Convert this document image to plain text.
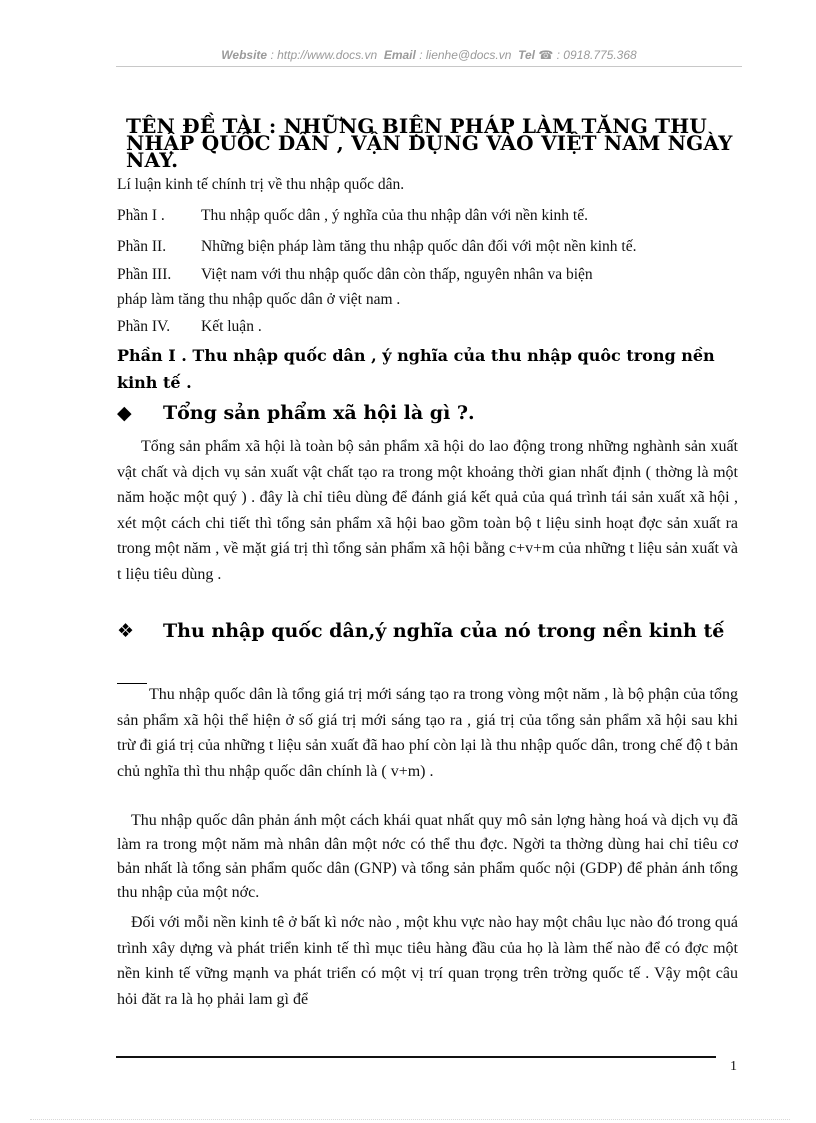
Website : http://www.docs.vn Email : lienhe@docs.vn Tel ☎ : 0918.775.368
TÊN ĐỀ TÀI : NHỮNG BIỆN PHÁP LÀM TĂNG THU NHẬP QUỐC DÂN , VẬN DỤNG VÀO VIỆT NAM NGÀY NAY.
Lí luận kinh tế chính trị về thu nhập quốc dân.
Phần I . Thu nhập quốc dân , ý nghĩa của thu nhập dân với nền kinh tế.
Phần II. Những biện pháp làm tăng thu nhập quốc dân đối với một nền kinh tế.
Phần III. Việt nam với thu nhập quốc dân còn thấp, nguyên nhân va biện
pháp làm tăng thu nhập quốc dân ở việt nam .
Phần IV. Kết luận .
Phần I . Thu nhập quốc dân , ý nghĩa của thu nhập quôc trong nền kinh tế .
◆ Tổng sản phẩm xã hội là gì ?.
Tổng sản phẩm xã hội là toàn bộ sản phẩm xã hội do lao động trong những nghành sản xuất vật chất và dịch vụ sản xuất vật chất tạo ra trong một khoảng thời gian nhất định ( thờng là một năm hoặc một quý ) . đây là chỉ tiêu dùng để đánh giá kết quả của quá trình tái sản xuất xã hội , xét một cách chi tiết thì tổng sản phẩm xã hội bao gồm toàn bộ t liệu sinh hoạt đợc sản xuất ra trong một năm , về mặt giá trị thì tổng sản phẩm xã hội bằng c+v+m của những t liệu sản xuất và t liệu tiêu dùng .
❖ Thu nhập quốc dân,ý nghĩa của nó trong nền kinh tế
Thu nhập quốc dân là tổng giá trị mới sáng tạo ra trong vòng một năm , là bộ phận của tổng sản phẩm xã hội thể hiện ở số giá trị mới sáng tạo ra , giá trị của tổng sản phẩm xã hội sau khi trừ đi giá trị của những t liệu sản xuất đã hao phí còn lại là thu nhập quốc dân, trong chế độ t bản chủ nghĩa thì thu nhập quốc dân chính là ( v+m) .
Thu nhập quốc dân phản ánh một cách khái quat nhất quy mô sản lợng hàng hoá và dịch vụ đã làm ra trong một năm mà nhân dân một nớc có thể thu đợc. Ngời ta thờng dùng hai chỉ tiêu cơ bản nhất là tổng sản phẩm quốc dân (GNP) và tổng sản phẩm quốc nội (GDP) để phản ánh tổng thu nhập của một nớc.
Đối với mỗi nền kinh tê ở bất kì nớc nào , một khu vực nào hay một châu lục nào đó trong quá trình xây dựng và phát triển kinh tế thì mục tiêu hàng đầu của họ là làm thế nào để có đợc một nền kinh tế vững mạnh va phát triển có một vị trí quan trọng trên trờng quốc tế . Vậy một câu hỏi đăt ra là họ phải lam gì để
1
